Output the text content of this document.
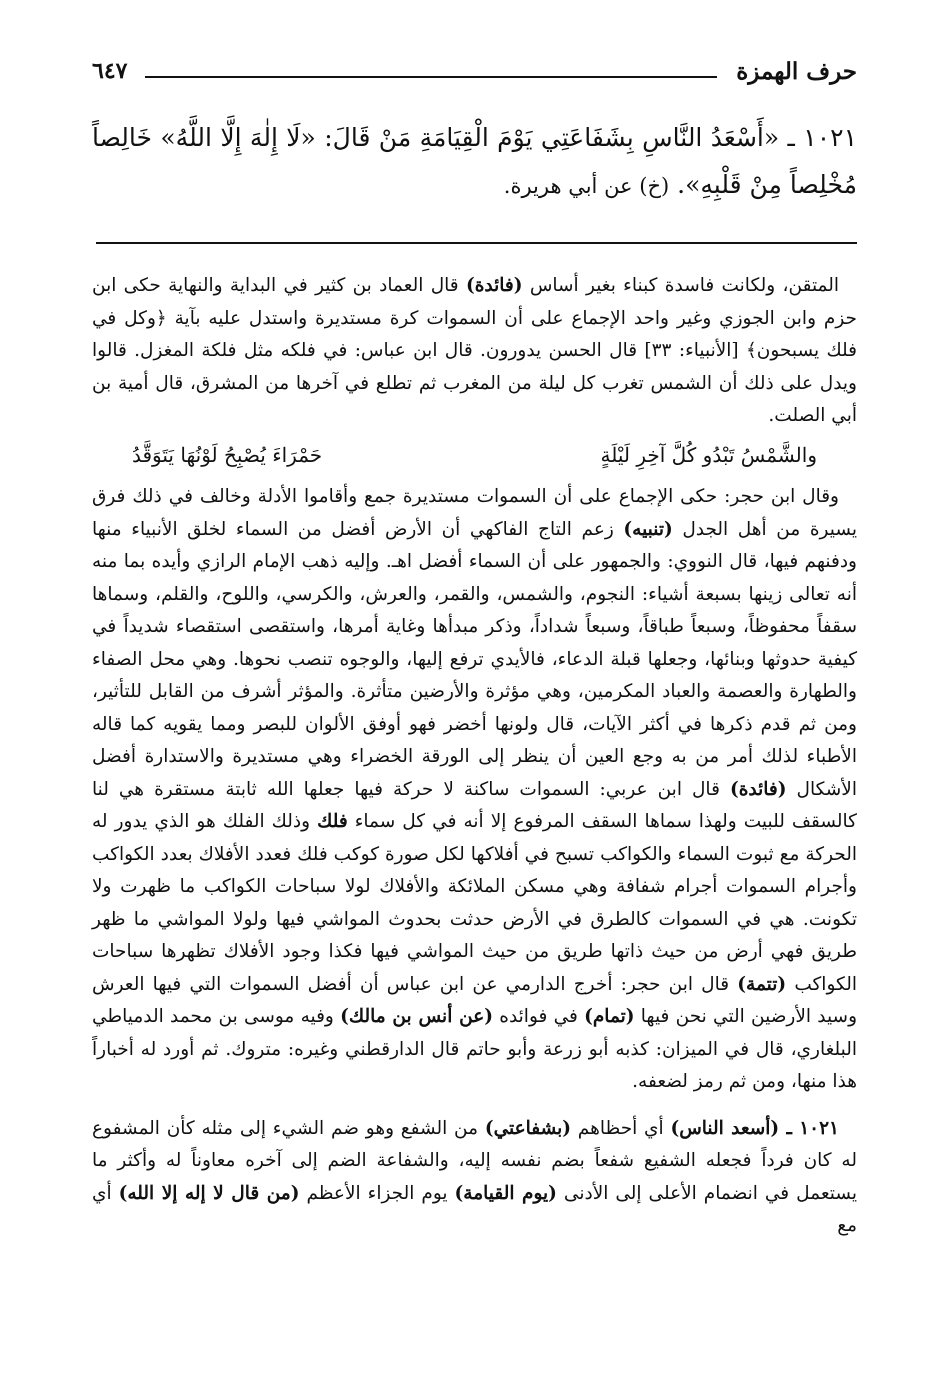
حرف الهمزة
٦٤٧
١٠٢١ ـ «أَسْعَدُ النَّاسِ بِشَفَاعَتِي يَوْمَ الْقِيَامَةِ مَنْ قَالَ: «لَا إِلٰهَ إِلَّا اللَّهُ» خَالِصاً مُخْلِصاً مِنْ قَلْبِهِ». (خ) عن أبي هريرة.

المتقن، ولكانت فاسدة كبناء بغير أساس (فائدة) قال العماد بن كثير في البداية والنهاية حكى ابن حزم وابن الجوزي وغير واحد الإجماع على أن السموات كرة مستديرة واستدل عليه بآية ﴿وكل في فلك يسبحون﴾ [الأنبياء: ٣٣] قال الحسن يدورون. قال ابن عباس: في فلكه مثل فلكة المغزل. قالوا ويدل على ذلك أن الشمس تغرب كل ليلة من المغرب ثم تطلع في آخرها من المشرق، قال أمية بن أبي الصلت.

والشَّمْسُ تَبْدُو كُلَّ آخِرِ لَيْلَةٍ
حَمْرَاءَ يُصْبِحُ لَوْنُهَا يَتَوَقَّدُ

وقال ابن حجر: حكى الإجماع على أن السموات مستديرة جمع وأقاموا الأدلة وخالف في ذلك فرق يسيرة من أهل الجدل (تنبيه) زعم التاج الفاكهي أن الأرض أفضل من السماء لخلق الأنبياء منها ودفنهم فيها، قال النووي: والجمهور على أن السماء أفضل اهـ. وإليه ذهب الإمام الرازي وأيده بما منه أنه تعالى زينها بسبعة أشياء: النجوم، والشمس، والقمر، والعرش، والكرسي، واللوح، والقلم، وسماها سقفاً محفوظاً، وسبعاً طباقاً، وسبعاً شداداً، وذكر مبدأها وغاية أمرها، واستقصى استقصاء شديداً في كيفية حدوثها وبنائها، وجعلها قبلة الدعاء، فالأيدي ترفع إليها، والوجوه تنصب نحوها. وهي محل الصفاء والطهارة والعصمة والعباد المكرمين، وهي مؤثرة والأرضين متأثرة. والمؤثر أشرف من القابل للتأثير، ومن ثم قدم ذكرها في أكثر الآيات، قال ولونها أخضر فهو أوفق الألوان للبصر ومما يقويه كما قاله الأطباء لذلك أمر من به وجع العين أن ينظر إلى الورقة الخضراء وهي مستديرة والاستدارة أفضل الأشكال (فائدة) قال ابن عربي: السموات ساكنة لا حركة فيها جعلها الله ثابتة مستقرة هي لنا كالسقف للبيت ولهذا سماها السقف المرفوع إلا أنه في كل سماء فلك وذلك الفلك هو الذي يدور له الحركة مع ثبوت السماء والكواكب تسبح في أفلاكها لكل صورة كوكب فلك فعدد الأفلاك بعدد الكواكب وأجرام السموات أجرام شفافة وهي مسكن الملائكة والأفلاك لولا سباحات الكواكب ما ظهرت ولا تكونت. هي في السموات كالطرق في الأرض حدثت بحدوث المواشي فيها ولولا المواشي ما ظهر طريق فهي أرض من حيث ذاتها طريق من حيث المواشي فيها فكذا وجود الأفلاك تظهرها سباحات الكواكب (تتمة) قال ابن حجر: أخرج الدارمي عن ابن عباس أن أفضل السموات التي فيها العرش وسيد الأرضين التي نحن فيها (تمام) في فوائده (عن أنس بن مالك) وفيه موسى بن محمد الدمياطي البلغاري، قال في الميزان: كذبه أبو زرعة وأبو حاتم قال الدارقطني وغيره: متروك. ثم أورد له أخباراً هذا منها، ومن ثم رمز لضعفه.

١٠٢١ ـ (أسعد الناس) أي أحظاهم (بشفاعتي) من الشفع وهو ضم الشيء إلى مثله كأن المشفوع له كان فرداً فجعله الشفيع شفعاً بضم نفسه إليه، والشفاعة الضم إلى آخره معاوناً له وأكثر ما يستعمل في انضمام الأعلى إلى الأدنى (يوم القيامة) يوم الجزاء الأعظم (من قال لا إله إلا الله) أي مع
